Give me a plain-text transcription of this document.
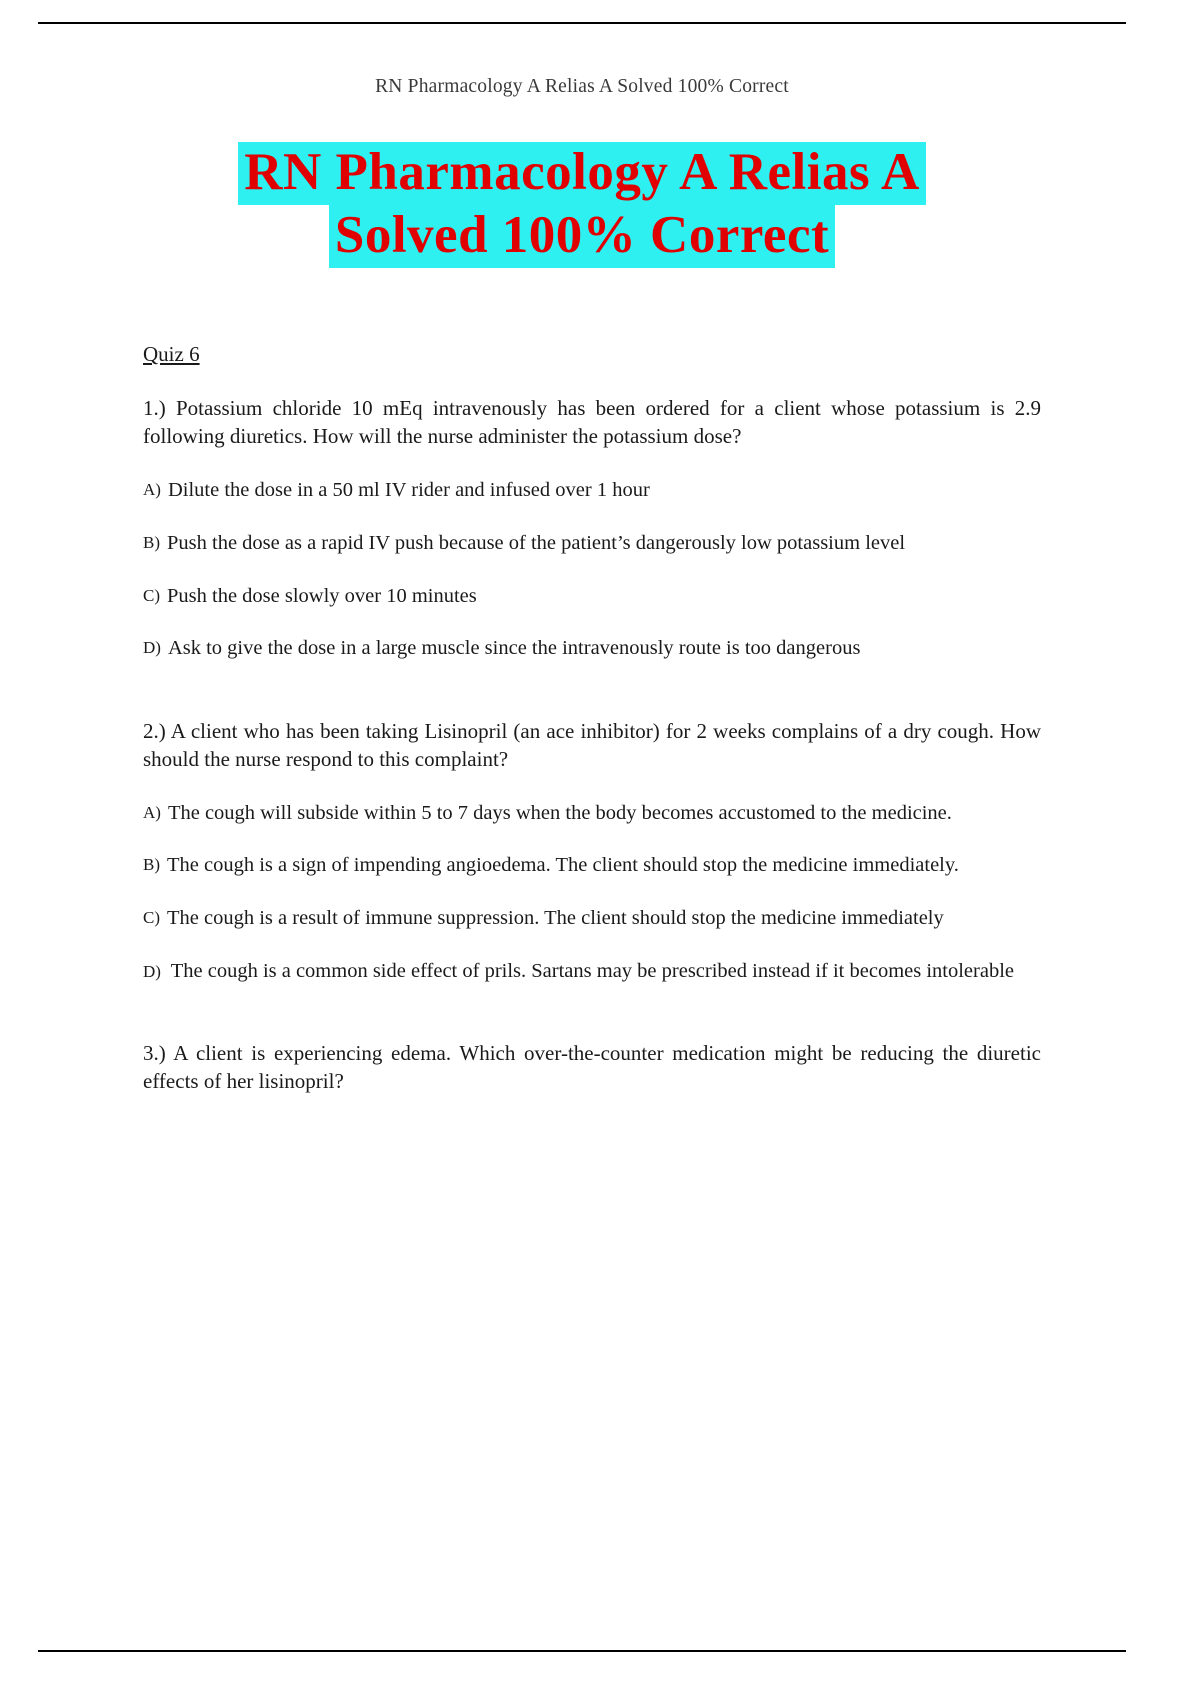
RN Pharmacology A Relias A Solved 100% Correct
RN Pharmacology A Relias A
Solved 100% Correct
Quiz 6
1.) Potassium chloride 10 mEq intravenously has been ordered for a client whose potassium is 2.9 following diuretics. How will the nurse administer the potassium dose?
A) Dilute the dose in a 50 ml IV rider and infused over 1 hour
B) Push the dose as a rapid IV push because of the patient’s dangerously low potassium level
C) Push the dose slowly over 10 minutes
D) Ask to give the dose in a large muscle since the intravenously route is too dangerous
2.) A client who has been taking Lisinopril (an ace inhibitor) for 2 weeks complains of a dry cough. How should the nurse respond to this complaint?
A) The cough will subside within 5 to 7 days when the body becomes accustomed to the medicine.
B) The cough is a sign of impending angioedema. The client should stop the medicine immediately.
C) The cough is a result of immune suppression. The client should stop the medicine immediately
D) The cough is a common side effect of prils. Sartans may be prescribed instead if it becomes intolerable
3.) A client is experiencing edema. Which over-the-counter medication might be reducing the diuretic effects of her lisinopril?
